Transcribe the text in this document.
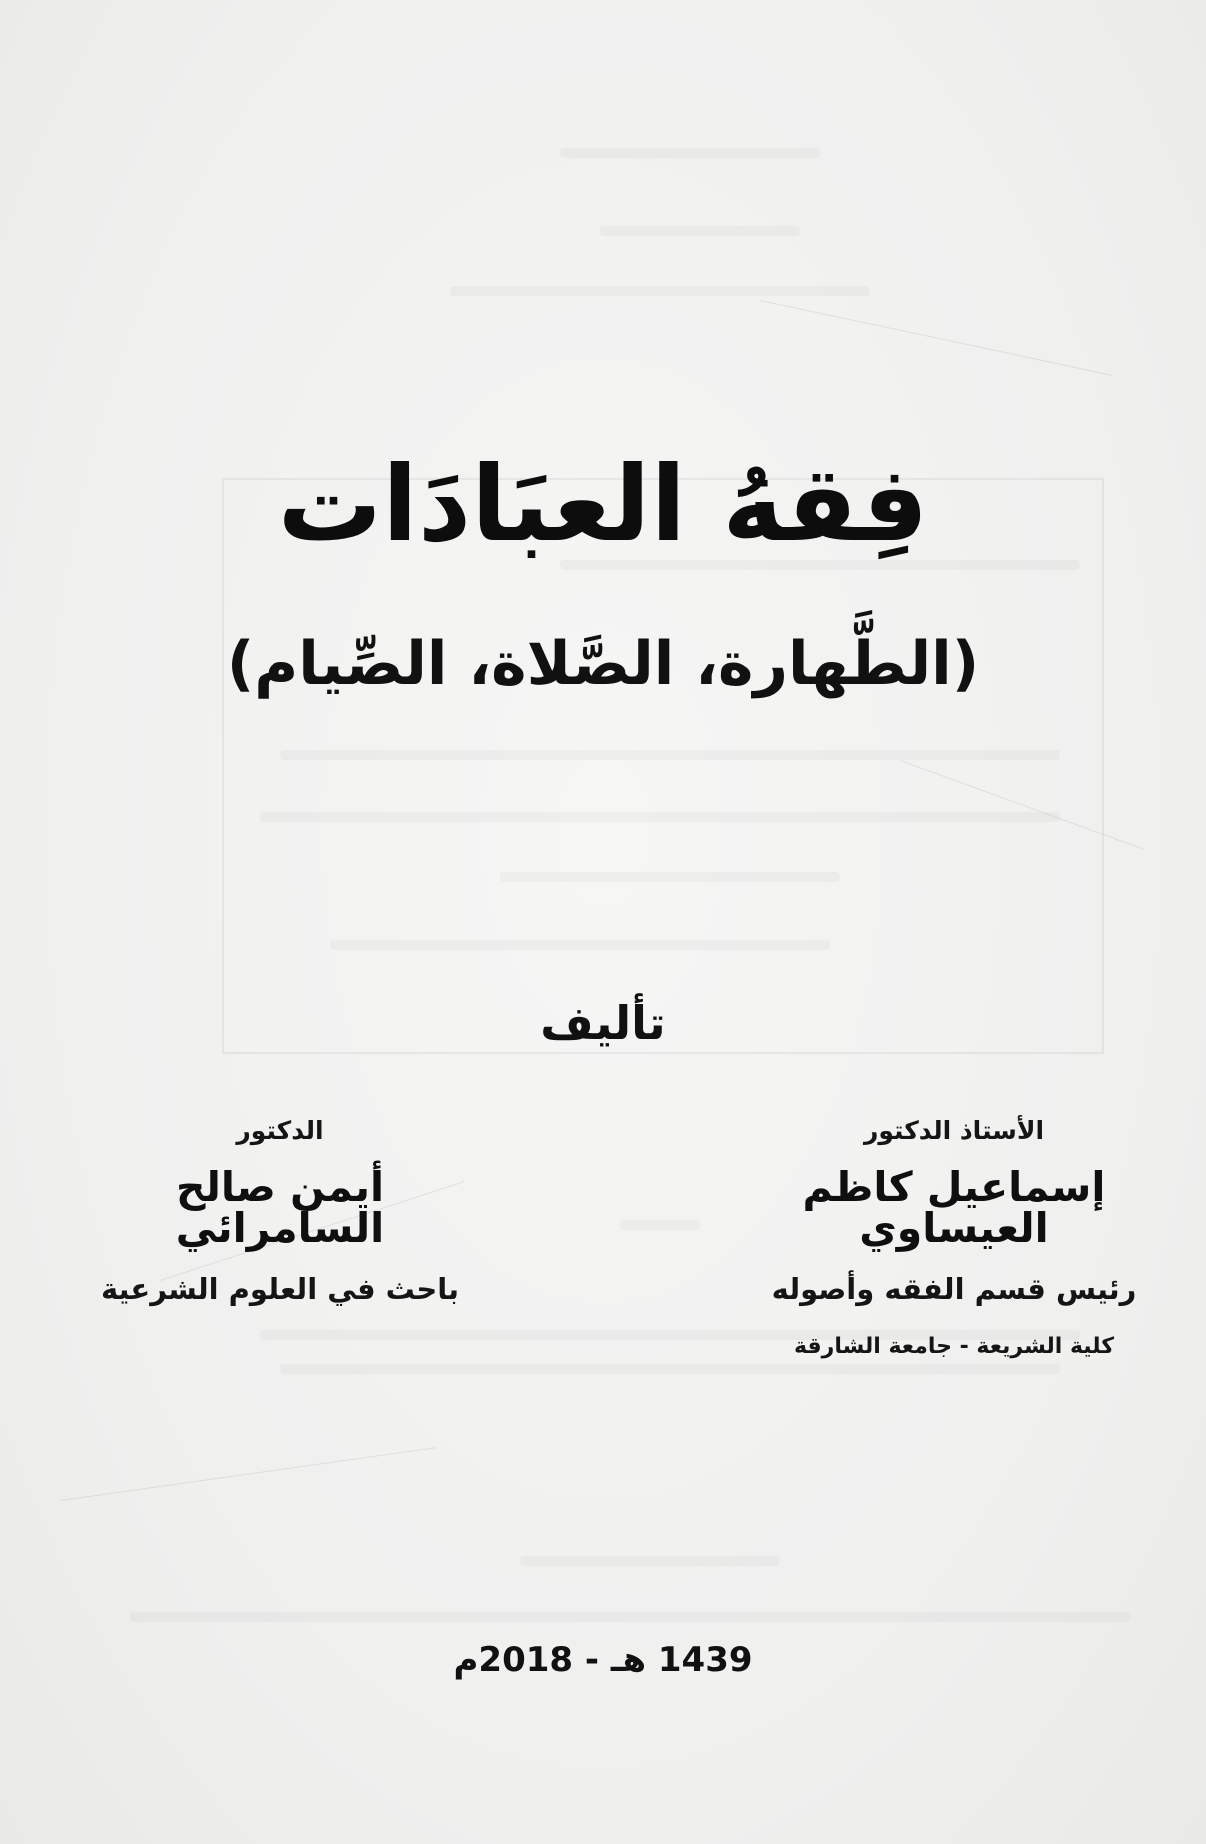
فِقهُ العبَادَات
(الطَّهارة، الصَّلاة، الصِّيام)
تأليف
الأستاذ الدكتور
إسماعيل كاظم العيساوي
رئيس قسم الفقه وأصوله
كلية الشريعة - جامعة الشارقة
الدكتور
أيمن صالح السامرائي
باحث في العلوم الشرعية
1439 هـ - 2018م
